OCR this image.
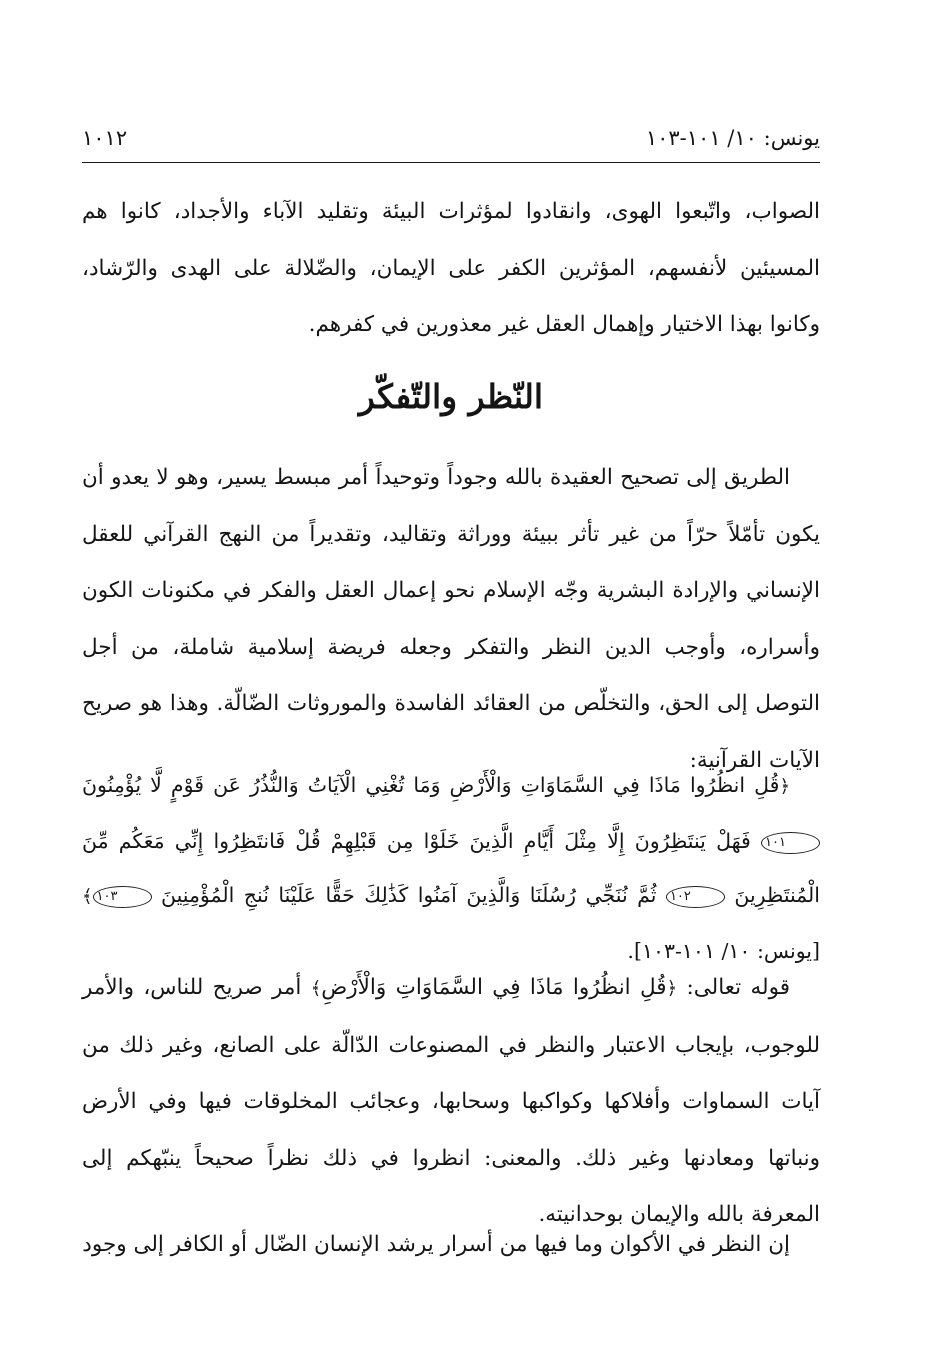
يونس: ١٠/ ١٠١-١٠٣
١٠١٢
الصواب، واتّبعوا الهوى، وانقادوا لمؤثرات البيئة وتقليد الآباء والأجداد، كانوا هم المسيئين لأنفسهم، المؤثرين الكفر على الإيمان، والضّلالة على الهدى والرّشاد، وكانوا بهذا الاختيار وإهمال العقل غير معذورين في كفرهم.
النّظر والتّفكّر
الطريق إلى تصحيح العقيدة بالله وجوداً وتوحيداً أمر مبسط يسير، وهو لا يعدو أن يكون تأمّلاً حرّاً من غير تأثر ببيئة ووراثة وتقاليد، وتقديراً من النهج القرآني للعقل الإنساني والإرادة البشرية وجّه الإسلام نحو إعمال العقل والفكر في مكنونات الكون وأسراره، وأوجب الدين النظر والتفكر وجعله فريضة إسلامية شاملة، من أجل التوصل إلى الحق، والتخلّص من العقائد الفاسدة والموروثات الضّالّة. وهذا هو صريح الآيات القرآنية:
﴿قُلِ انظُرُوا مَاذَا فِي السَّمَاوَاتِ وَالْأَرْضِ وَمَا تُغْنِي الْآيَاتُ وَالنُّذُرُ عَن قَوْمٍ لَّا يُؤْمِنُونَ ١٠١ فَهَلْ يَنتَظِرُونَ إِلَّا مِثْلَ أَيَّامِ الَّذِينَ خَلَوْا مِن قَبْلِهِمْ قُلْ فَانتَظِرُوا إِنِّي مَعَكُم مِّنَ الْمُنتَظِرِينَ ١٠٢ ثُمَّ نُنَجِّي رُسُلَنَا وَالَّذِينَ آمَنُوا كَذَٰلِكَ حَقًّا عَلَيْنَا نُنجِ الْمُؤْمِنِينَ ١٠٣﴾ [يونس: ١٠/ ١٠١-١٠٣].
قوله تعالى: ﴿قُلِ انظُرُوا مَاذَا فِي السَّمَاوَاتِ وَالْأَرْضِ﴾ أمر صريح للناس، والأمر للوجوب، بإيجاب الاعتبار والنظر في المصنوعات الدّالّة على الصانع، وغير ذلك من آيات السماوات وأفلاكها وكواكبها وسحابها، وعجائب المخلوقات فيها وفي الأرض ونباتها ومعادنها وغير ذلك. والمعنى: انظروا في ذلك نظراً صحيحاً ينبّهكم إلى المعرفة بالله والإيمان بوحدانيته.
إن النظر في الأكوان وما فيها من أسرار يرشد الإنسان الضّال أو الكافر إلى وجود
